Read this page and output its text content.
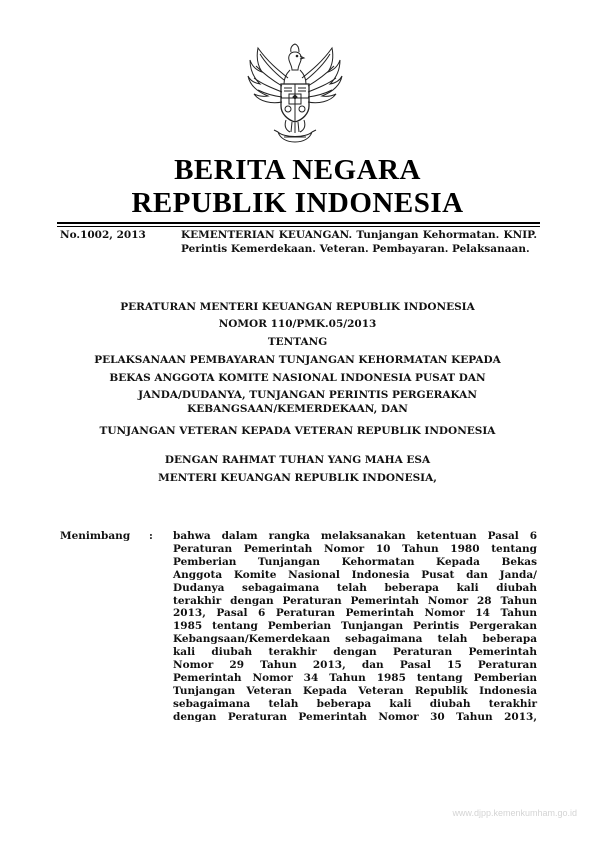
BERITA NEGARA
REPUBLIK INDONESIA
No.1002, 2013	KEMENTERIAN KEUANGAN. Tunjangan Kehormatan. KNIP. Perintis Kemerdekaan. Veteran. Pembayaran. Pelaksanaan.
PERATURAN MENTERI KEUANGAN REPUBLIK INDONESIA
NOMOR 110/PMK.05/2013
TENTANG
PELAKSANAAN PEMBAYARAN TUNJANGAN KEHORMATAN KEPADA
BEKAS ANGGOTA KOMITE NASIONAL INDONESIA PUSAT DAN
JANDA/DUDANYA, TUNJANGAN PERINTIS PERGERAKAN
KEBANGSAAN/KEMERDEKAAN, DAN
TUNJANGAN VETERAN KEPADA VETERAN REPUBLIK INDONESIA
DENGAN RAHMAT TUHAN YANG MAHA ESA
MENTERI KEUANGAN REPUBLIK INDONESIA,
Menimbang : bahwa dalam rangka melaksanakan ketentuan Pasal 6
Peraturan Pemerintah Nomor 10 Tahun 1980 tentang
Pemberian Tunjangan Kehormatan Kepada Bekas
Anggota Komite Nasional Indonesia Pusat dan Janda/
Dudanya sebagaimana telah beberapa kali diubah
terakhir dengan Peraturan Pemerintah Nomor 28 Tahun
2013, Pasal 6 Peraturan Pemerintah Nomor 14 Tahun
1985 tentang Pemberian Tunjangan Perintis Pergerakan
Kebangsaan/Kemerdekaan sebagaimana telah beberapa
kali diubah terakhir dengan Peraturan Pemerintah
Nomor 29 Tahun 2013, dan Pasal 15 Peraturan
Pemerintah Nomor 34 Tahun 1985 tentang Pemberian
Tunjangan Veteran Kepada Veteran Republik Indonesia
sebagaimana telah beberapa kali diubah terakhir
dengan Peraturan Pemerintah Nomor 30 Tahun 2013,
www.djpp.kemenkumham.go.id
